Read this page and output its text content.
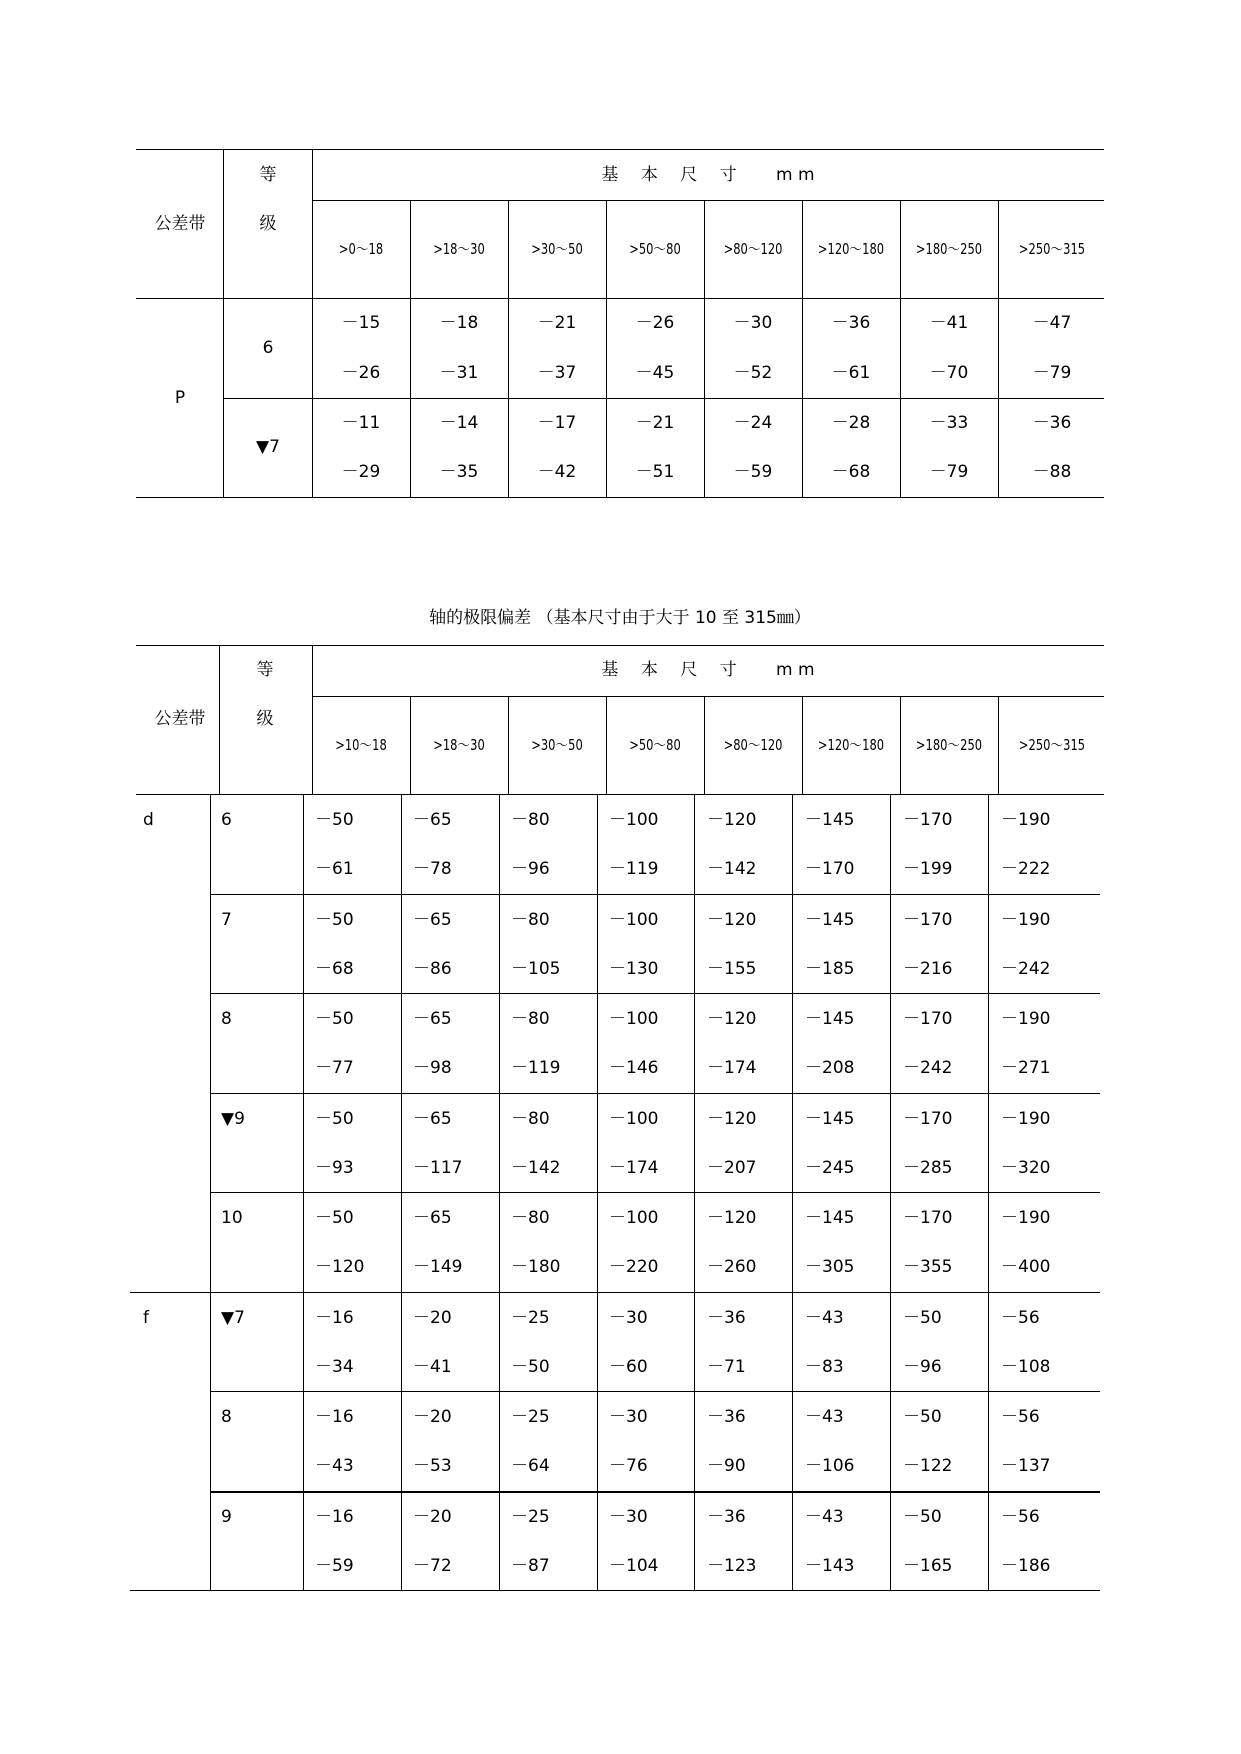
公差带
等
级
基　 本　 尺　 寸　　 m m
>0～18	>18～30	>30～50	>50～80	>80～120 >120～180 >180～250 >250～315
P
6
－15	－18	－21	－26	－30	－36	－41	－47
－26	－31	－37	－45	－52	－61	－70	－79
▼7
－11	－14	－17	－21	－24	－28	－33	－36
－29	－35	－42	－51	－59	－68	－79	－88
轴的极限偏差 （基本尺寸由于大于 10 至 315㎜）
公差带
等
级
基　 本　 尺　 寸　　 m m
>10～18	>18～30	>30～50	>50～80	>80～120 >120～180 >180～250 >250～315
d	6	－50	－65	－80	－100	－120	－145	－170	－190
－61	－78	－96	－119	－142	－170	－199	－222
7	－50	－65	－80	－100	－120	－145	－170	－190
－68	－86	－105	－130	－155	－185	－216	－242
8	－50	－65	－80	－100	－120	－145	－170	－190
－77	－98	－119	－146	－174	－208	－242	－271
▼9	－50	－65	－80	－100	－120	－145	－170	－190
－93	－117	－142	－174	－207	－245	－285	－320
10	－50	－65	－80	－100	－120	－145	－170	－190
－120	－149	－180	－220	－260	－305	－355	－400
f	▼7	－16	－20	－25	－30	－36	－43	－50	－56
－34	－41	－50	－60	－71	－83	－96	－108
8	－16	－20	－25	－30	－36	－43	－50	－56
－43	－53	－64	－76	－90	－106	－122	－137
9	－16	－20	－25	－30	－36	－43	－50	－56
－59	－72	－87	－104	－123	－143	－165	－186
